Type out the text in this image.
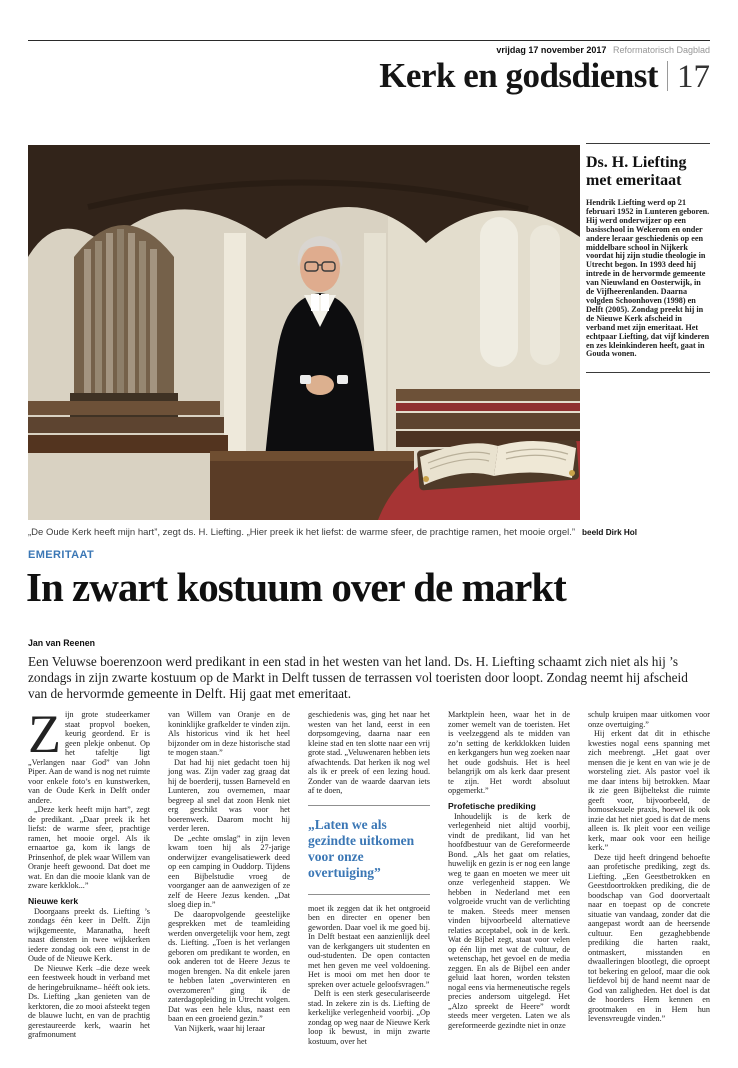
vrijdag 17 november 2017 Reformatorisch Dagblad
Kerk en godsdienst 17
„De Oude Kerk heeft mijn hart”, zegt ds. H. Liefting. „Hier preek ik het liefst: de warme sfeer, de prachtige ramen, het mooie orgel.” beeld Dirk Hol
Ds. H. Liefting met emeritaat
Hendrik Liefting werd op 21 februari 1952 in Lunteren geboren. Hij werd onderwijzer op een basisschool in Wekerom en onder andere leraar geschiedenis op een middelbare school in Nijkerk voordat hij zijn studie theologie in Utrecht begon. In 1993 deed hij intrede in de hervormde gemeente van Nieuwland en Oosterwijk, in de Vijfheerenlanden. Daarna volgden Schoonhoven (1998) en Delft (2005). Zondag preekt hij in de Nieuwe Kerk afscheid in verband met zijn emeritaat. Het echtpaar Liefting, dat vijf kinderen en zes kleinkinderen heeft, gaat in Gouda wonen.
EMERITAAT
In zwart kostuum over de markt
Jan van Reenen
Een Veluwse boerenzoon werd predikant in een stad in het westen van het land. Ds. H. Liefting schaamt zich niet als hij ’s zondags in zijn zwarte kostuum op de Markt in Delft tussen de terrassen vol toeristen door loopt. Zondag neemt hij afscheid van de hervormde gemeente in Delft. Hij gaat met emeritaat.

Zijn grote studeerkamer staat propvol boeken, keurig geordend. Er is geen plekje onbenut. Op het tafeltje ligt „Verlangen naar God” van John Piper. Aan de wand is nog net ruimte voor enkele foto’s en kunstwerken, van de Oude Kerk in Delft onder andere.

„Deze kerk heeft mijn hart”, zegt de predikant. „Daar preek ik het liefst: de warme sfeer, prachtige ramen, het mooie orgel. Als ik ernaartoe ga, kom ik langs de Prinsenhof, de plek waar Willem van Oranje heeft gewoond. Dat doet me wat. En dan die mooie klank van de zware kerkklok...”

Nieuwe kerk

Doorgaans preekt ds. Liefting ’s zondags één keer in Delft. Zijn wijkgemeente, Maranatha, heeft naast diensten in twee wijkkerken iedere zondag ook een dienst in de Oude of de Nieuwe Kerk.

De Nieuwe Kerk –die deze week een feestweek houdt in verband met de heringebruikname– hééft ook iets. Ds. Liefting „kan genieten van de kerktoren, die zo mooi afsteekt tegen de blauwe lucht, en van de prachtig gerestaureerde kerk, waarin het grafmonument

van Willem van Oranje en de koninklijke grafkelder te vinden zijn. Als historicus vind ik het heel bijzonder om in deze historische stad te mogen staan.”

Dat had hij niet gedacht toen hij jong was. Zijn vader zag graag dat hij de boerderij, tussen Barneveld en Lunteren, zou overnemen, maar begreep al snel dat zoon Henk niet erg geschikt was voor het boerenwerk. Daarom mocht hij verder leren.

De „echte omslag” in zijn leven kwam toen hij als 27-jarige onderwijzer evangelisatiewerk deed op een camping in Ouddorp. Tijdens een Bijbelstudie vroeg de voorganger aan de aanwezigen of ze zelf de Heere Jezus kenden. „Dat sloeg diep in.”

De daaropvolgende geestelijke gesprekken met de teamleiding werden onvergetelijk voor hem, zegt ds. Liefting. „Toen is het verlangen geboren om predikant te worden, en ook anderen tot de Heere Jezus te mogen brengen. Na dit enkele jaren te hebben laten „overwinteren en overzomeren” ging ik de zaterdagopleiding in Utrecht volgen. Dat was een hele klus, naast een baan en een groeiend gezin.”

Van Nijkerk, waar hij leraar

geschiedenis was, ging het naar het westen van het land, eerst in een dorpsomgeving, daarna naar een kleine stad en ten slotte naar een vrij grote stad. „Veluwenaren hebben iets afwachtends. Dat herken ik nog wel als ik er preek of een lezing houd. Zonder van de waarde daarvan iets af te doen,

„Laten we als gezindte uitkomen voor onze overtuiging”

moet ik zeggen dat ik het ontgroeid ben en directer en opener ben geworden. Daar voel ik me goed bij. In Delft bestaat een aanzienlijk deel van de kerkgangers uit studenten en oud-studenten. De open contacten met hen geven me veel voldoening. Het is mooi om met hen door te spreken over actuele geloofsvragen.”

Delft is een sterk geseculariseerde stad. In zekere zin is ds. Liefting de kerkelijke verlegenheid voorbij. „Op zondag op weg naar de Nieuwe Kerk loop ik bewust, in mijn zwarte kostuum, over het

Marktplein heen, waar het in de zomer wemelt van de toeristen. Het is veelzeggend als te midden van zo’n setting de kerkklokken luiden en kerkgangers hun weg zoeken naar het oude godshuis. Het is heel belangrijk om als kerk daar present te zijn. Het wordt absoluut opgemerkt.”

Profetische prediking

Inhoudelijk is de kerk de verlegenheid niet altijd voorbij, vindt de predikant, lid van het hoofdbestuur van de Gereformeerde Bond. „Als het gaat om relaties, huwelijk en gezin is er nog een lange weg te gaan en moeten we meer uit onze verlegenheid stappen. We hebben in Nederland met een volgroeide vrucht van de verlichting te maken. Steeds meer mensen vinden bijvoorbeeld alternatieve relaties acceptabel, ook in de kerk. Wat de Bijbel zegt, staat voor velen op één lijn met wat de cultuur, de wetenschap, het gevoel en de media zeggen. En als de Bijbel een ander geluid laat horen, worden teksten nogal eens via hermeneutische regels precies andersom uitgelegd. Het „Alzo spreekt de Heere” wordt steeds meer vergeten. Laten we als gereformeerde gezindte niet in onze

schulp kruipen maar uitkomen voor onze overtuiging.”

Hij erkent dat dit in ethische kwesties nogal eens spanning met zich meebrengt. „Het gaat over mensen die je kent en van wie je de worsteling ziet. Als pastor voel ik me daar intens bij betrokken. Maar ik zie geen Bijbeltekst die ruimte geeft voor, bijvoorbeeld, de homoseksuele praxis, hoewel ik ook inzie dat het niet goed is dat de mens alleen is. Ik pleit voor een veilige kerk, maar ook voor een heilige kerk.”

Deze tijd heeft dringend behoefte aan profetische prediking, zegt ds. Liefting. „Een Geestbetrokken en Geestdoortrokken prediking, die de boodschap van God doorvertaalt naar en toepast op de concrete situatie van vandaag, zonder dat die aangepast wordt aan de heersende cultuur. Een gezaghebbende prediking die harten raakt, ontmaskert, misstanden en dwaalleringen blootlegt, die oproept tot bekering en geloof, maar die ook liefdevol bij de hand neemt naar de God van zaligheden. Het doel is dat de hoorders Hem kennen en grootmaken en in Hem hun levensvreugde vinden.”
